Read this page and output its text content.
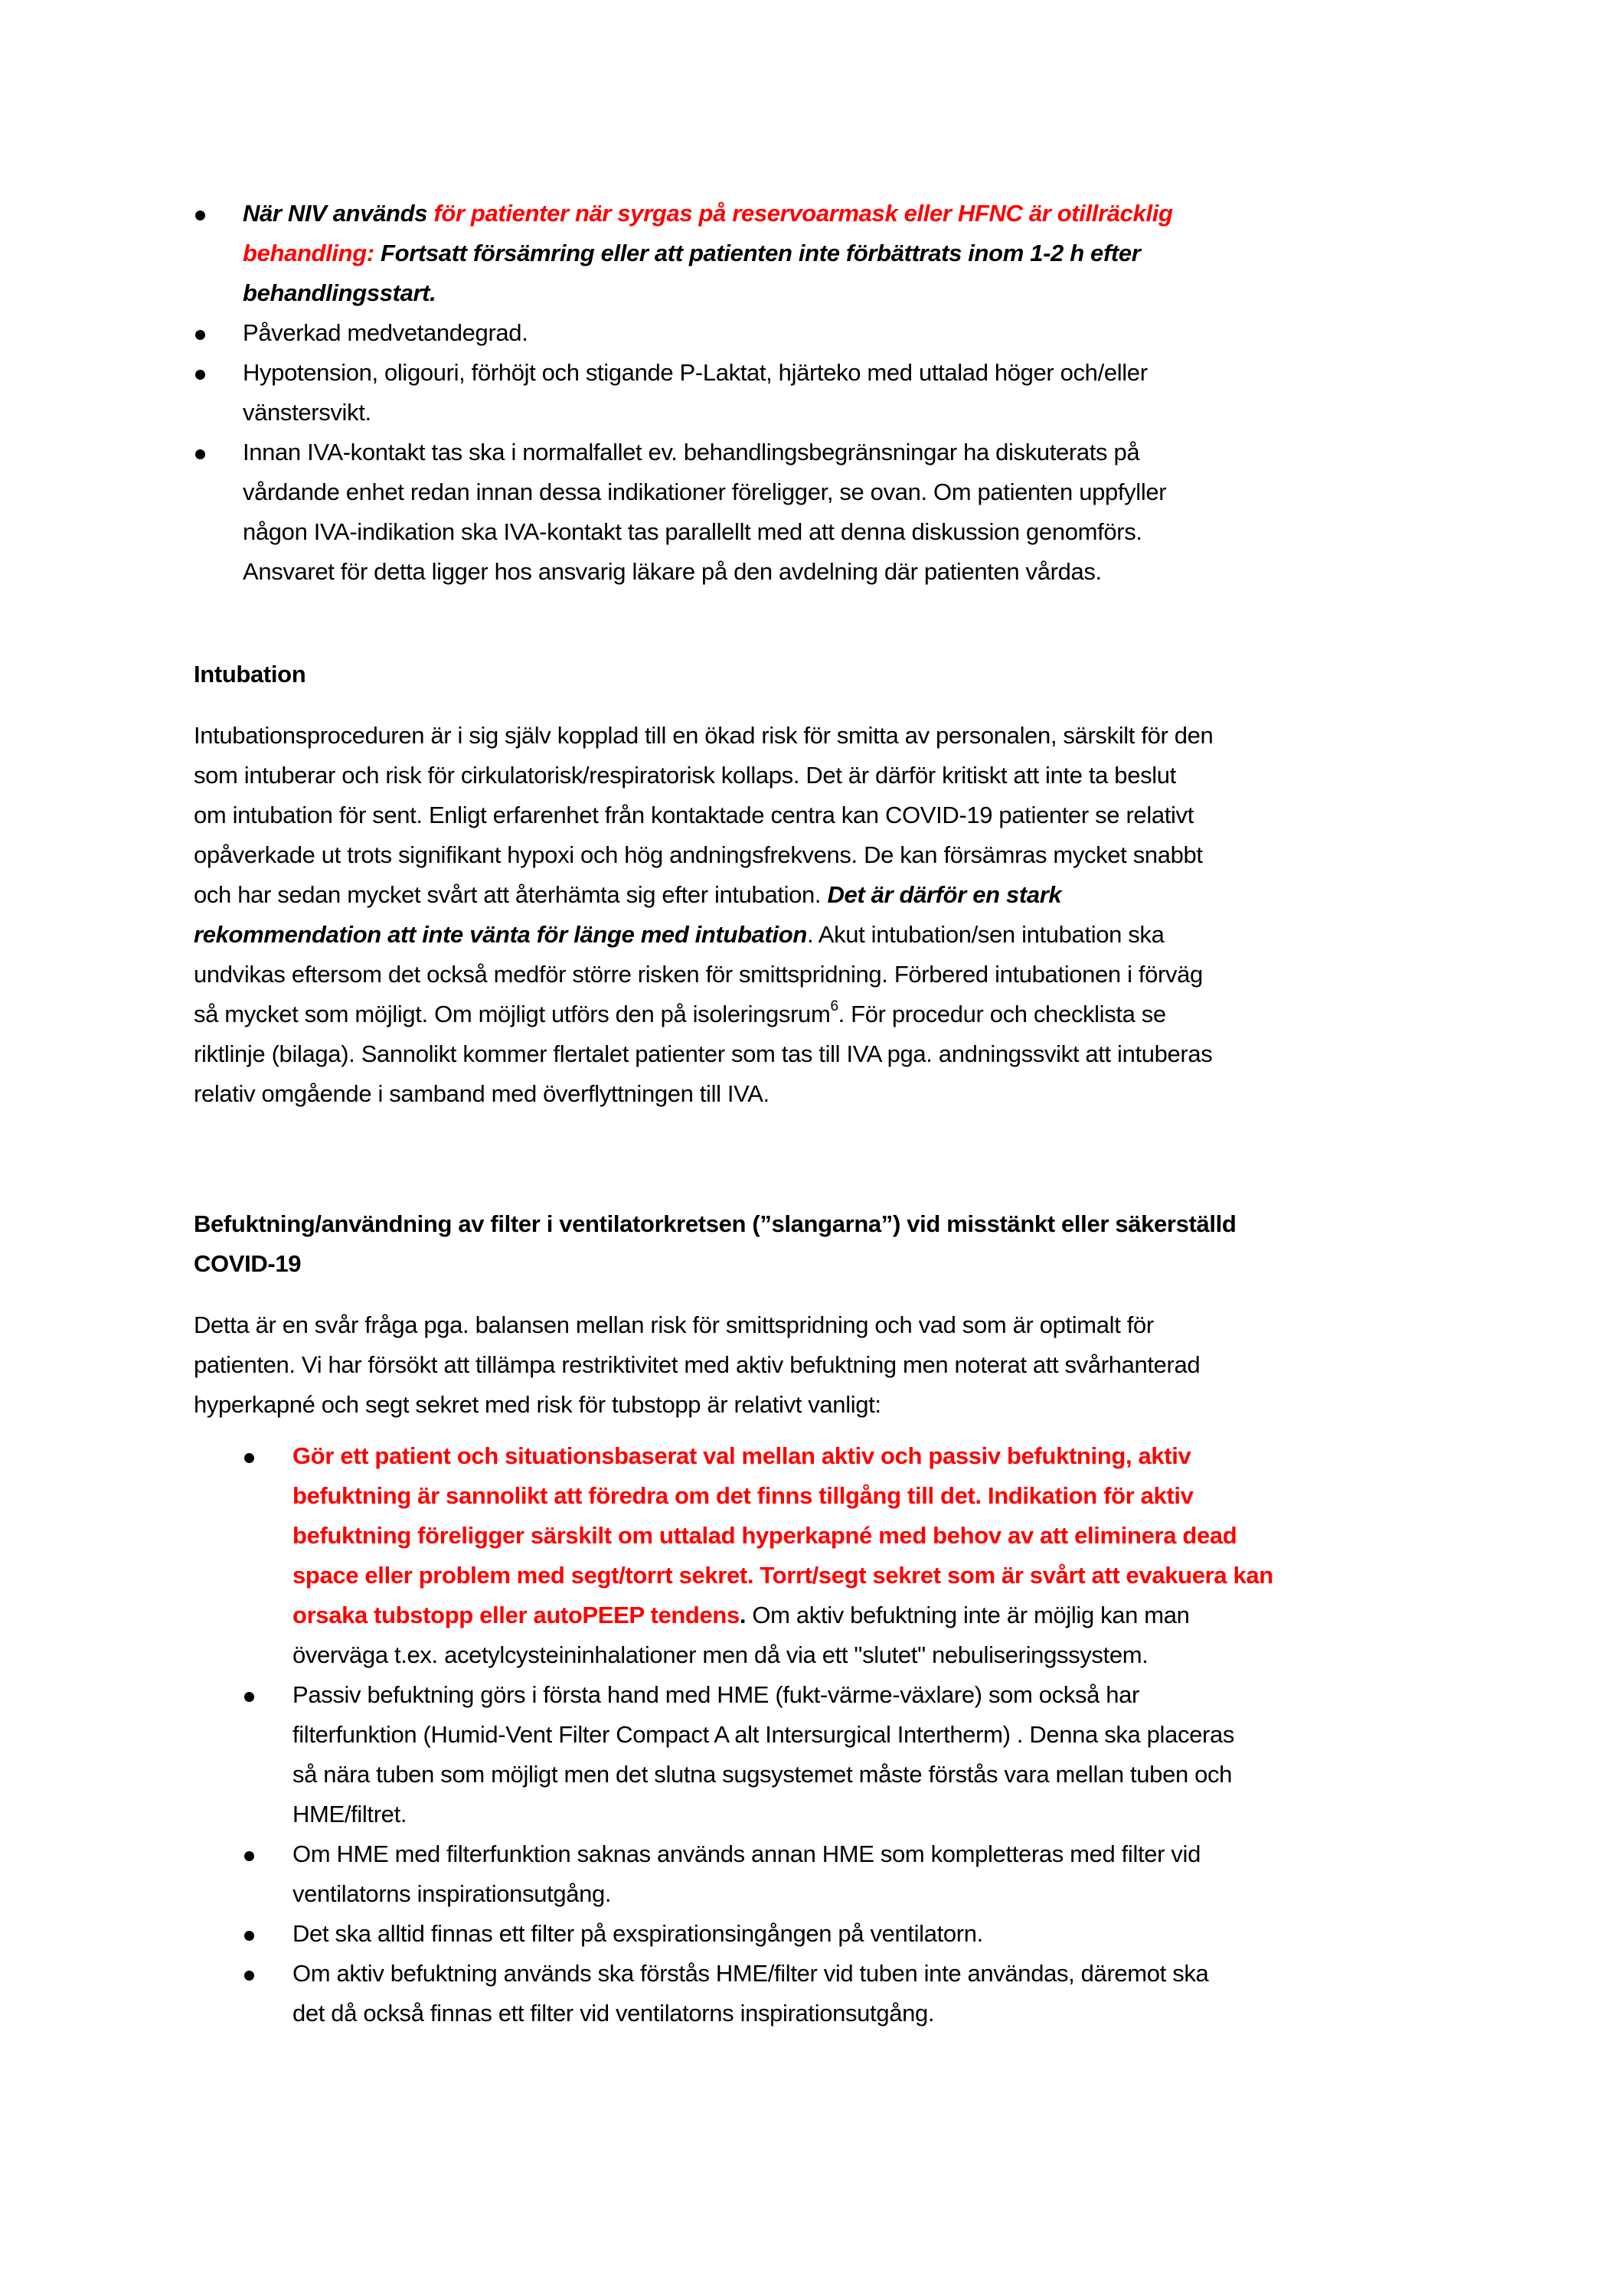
När NIV används för patienter när syrgas på reservoarmask eller HFNC är otillräcklig
behandling: Fortsatt försämring eller att patienten inte förbättrats inom 1-2 h efter
behandlingsstart.
Påverkad medvetandegrad.
Hypotension, oligouri, förhöjt och stigande P-Laktat, hjärteko med uttalad höger och/eller
vänstersvikt.
Innan IVA-kontakt tas ska i normalfallet ev. behandlingsbegränsningar ha diskuterats på
vårdande enhet redan innan dessa indikationer föreligger, se ovan. Om patienten uppfyller
någon IVA-indikation ska IVA-kontakt tas parallellt med att denna diskussion genomförs.
Ansvaret för detta ligger hos ansvarig läkare på den avdelning där patienten vårdas.
Intubation
Intubationsproceduren är i sig själv kopplad till en ökad risk för smitta av personalen, särskilt för den
som intuberar och risk för cirkulatorisk/respiratorisk kollaps. Det är därför kritiskt att inte ta beslut
om intubation för sent. Enligt erfarenhet från kontaktade centra kan COVID-19 patienter se relativt
opåverkade ut trots signifikant hypoxi och hög andningsfrekvens. De kan försämras mycket snabbt
och har sedan mycket svårt att återhämta sig efter intubation. Det är därför en stark
rekommendation att inte vänta för länge med intubation. Akut intubation/sen intubation ska
undvikas eftersom det också medför större risken för smittspridning. Förbered intubationen i förväg
så mycket som möjligt. Om möjligt utförs den på isoleringsrum$^6$. För procedur och checklista se
riktlinje (bilaga). Sannolikt kommer flertalet patienter som tas till IVA pga. andningssvikt att intuberas
relativ omgående i samband med överflyttningen till IVA.
Befuktning/användning av filter i ventilatorkretsen (”slangarna”) vid misstänkt eller säkerställd
COVID-19
Detta är en svår fråga pga. balansen mellan risk för smittspridning och vad som är optimalt för
patienten. Vi har försökt att tillämpa restriktivitet med aktiv befuktning men noterat att svårhanterad
hyperkapné och segt sekret med risk för tubstopp är relativt vanligt:
Gör ett patient och situationsbaserat val mellan aktiv och passiv befuktning, aktiv
befuktning är sannolikt att föredra om det finns tillgång till det. Indikation för aktiv
befuktning föreligger särskilt om uttalad hyperkapné med behov av att eliminera dead
space eller problem med segt/torrt sekret. Torrt/segt sekret som är svårt att evakuera kan
orsaka tubstopp eller autoPEEP tendens. Om aktiv befuktning inte är möjlig kan man
överväga t.ex. acetylcysteininhalationer men då via ett "slutet" nebuliseringssystem.
Passiv befuktning görs i första hand med HME (fukt-värme-växlare) som också har
filterfunktion (Humid-Vent Filter Compact A alt Intersurgical Intertherm) . Denna ska placeras
så nära tuben som möjligt men det slutna sugsystemet måste förstås vara mellan tuben och
HME/filtret.
Om HME med filterfunktion saknas används annan HME som kompletteras med filter vid
ventilatorns inspirationsutgång.
Det ska alltid finnas ett filter på exspirationsingången på ventilatorn.
Om aktiv befuktning används ska förstås HME/filter vid tuben inte användas, däremot ska
det då också finnas ett filter vid ventilatorns inspirationsutgång.
